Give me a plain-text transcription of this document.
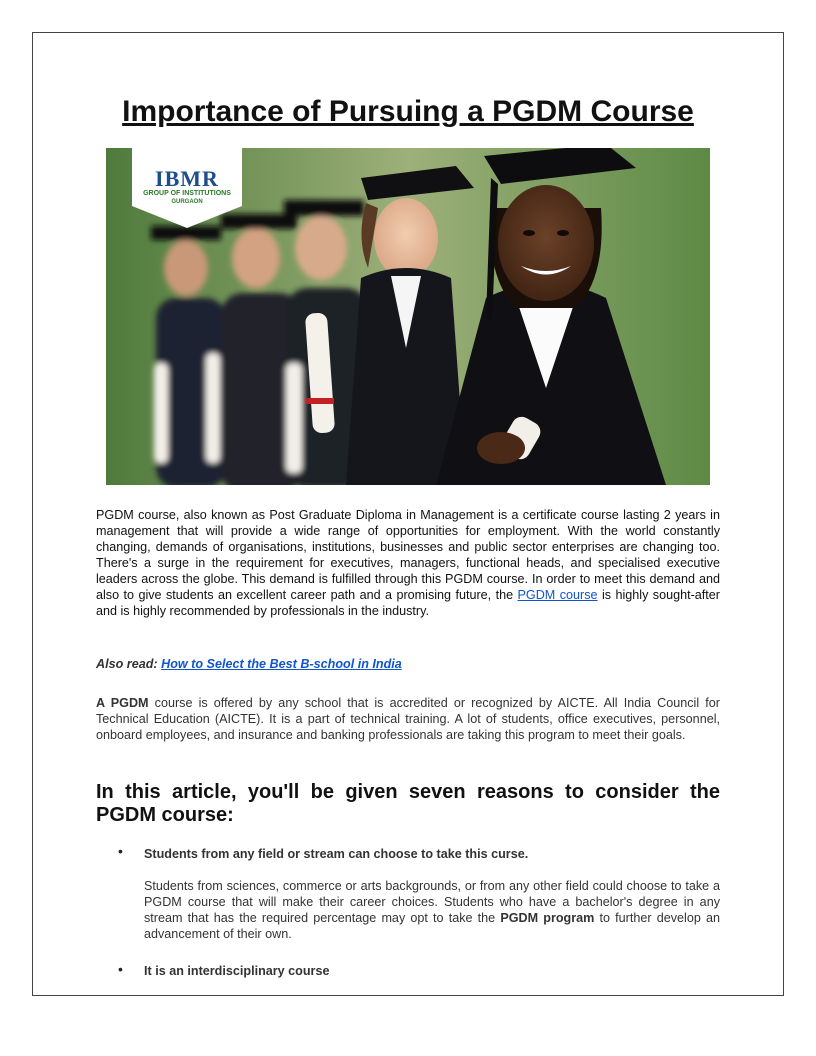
Importance of Pursuing a PGDM Course
IBMR
GROUP OF INSTITUTIONS
GURGAON

PGDM course, also known as Post Graduate Diploma in Management is a certificate course lasting 2 years in management that will provide a wide range of opportunities for employment. With the world constantly changing, demands of organisations, institutions, businesses and public sector enterprises are changing too. There's a surge in the requirement for executives, managers, functional heads, and specialised executive leaders across the globe. This demand is fulfilled through this PGDM course. In order to meet this demand and also to give students an excellent career path and a promising future, the PGDM course is highly sought-after and is highly recommended by professionals in the industry.

Also read: How to Select the Best B-school in India

A PGDM course is offered by any school that is accredited or recognized by AICTE. All India Council for Technical Education (AICTE). It is a part of technical training. A lot of students, office executives, personnel, onboard employees, and insurance and banking professionals are taking this program to meet their goals.

In this article, you'll be given seven reasons to consider the PGDM course:
• Students from any field or stream can choose to take this curse.

Students from sciences, commerce or arts backgrounds, or from any other field could choose to take a PGDM course that will make their career choices. Students who have a bachelor's degree in any stream that has the required percentage may opt to take the PGDM program to further develop an advancement of their own.

• It is an interdisciplinary course
